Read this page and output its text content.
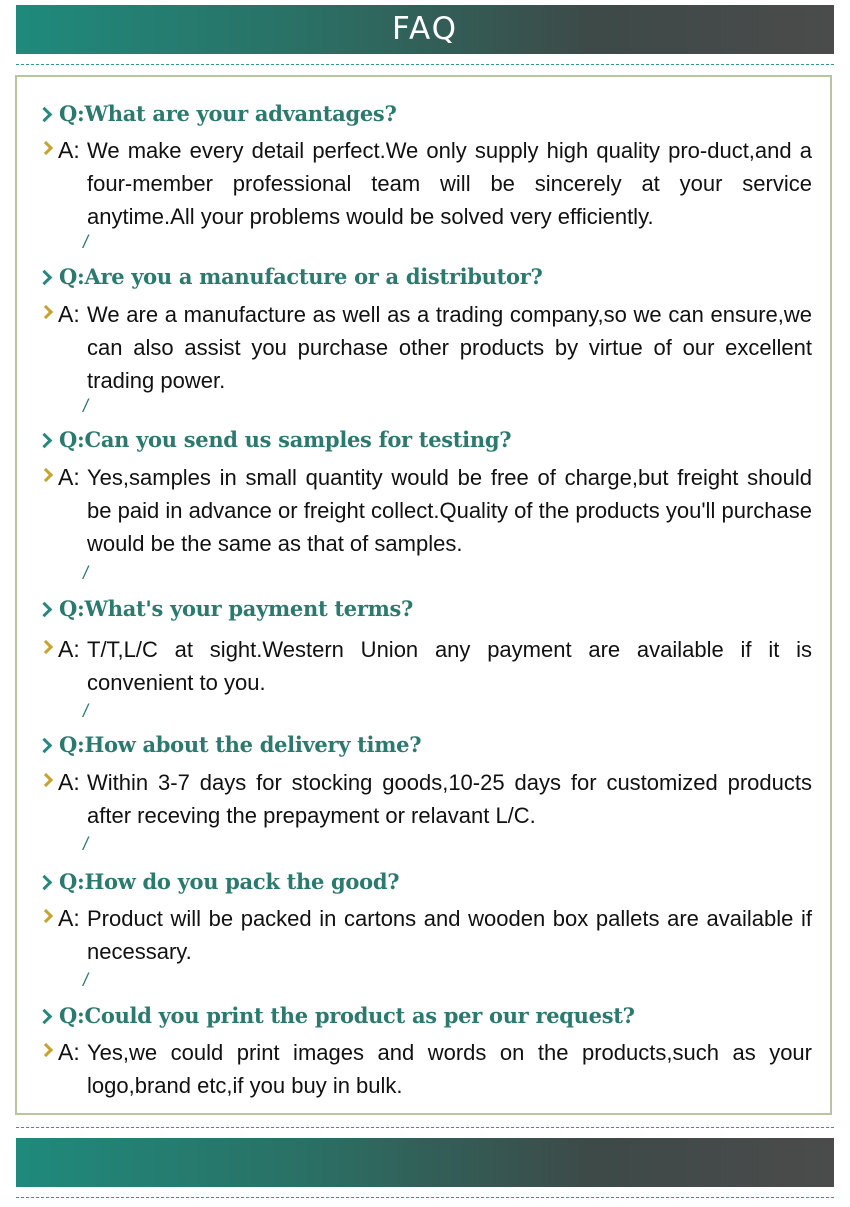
FAQ
Q:What are your advantages?
A: We make every detail perfect.We only supply high quality pro-duct,and a four-member professional team will be sincerely at your service anytime.All your problems would be solved very efficiently.

/
Q:Are you a manufacture or a distributor?
A: We are a manufacture as well as a trading company,so we can ensure,we can also assist you purchase other products by virtue of our excellent trading power.

/
Q:Can you send us samples for testing?
A: Yes,samples in small quantity would be free of charge,but freight should be paid in advance or freight collect.Quality of the products you'll purchase would be the same as that of samples.

/
Q:What's your payment terms?
A: T/T,L/C at sight.Western Union any payment are available if it is convenient to you.

/
Q:How about the delivery time?
A: Within 3-7 days for stocking goods,10-25 days for customized products after receving the prepayment or relavant L/C.

/
Q:How do you pack the good?
A: Product will be packed in cartons and wooden box pallets are available if necessary.

/
Q:Could you print the product as per our request?
A: Yes,we could print images and words on the products,such as your logo,brand etc,if you buy in bulk.
